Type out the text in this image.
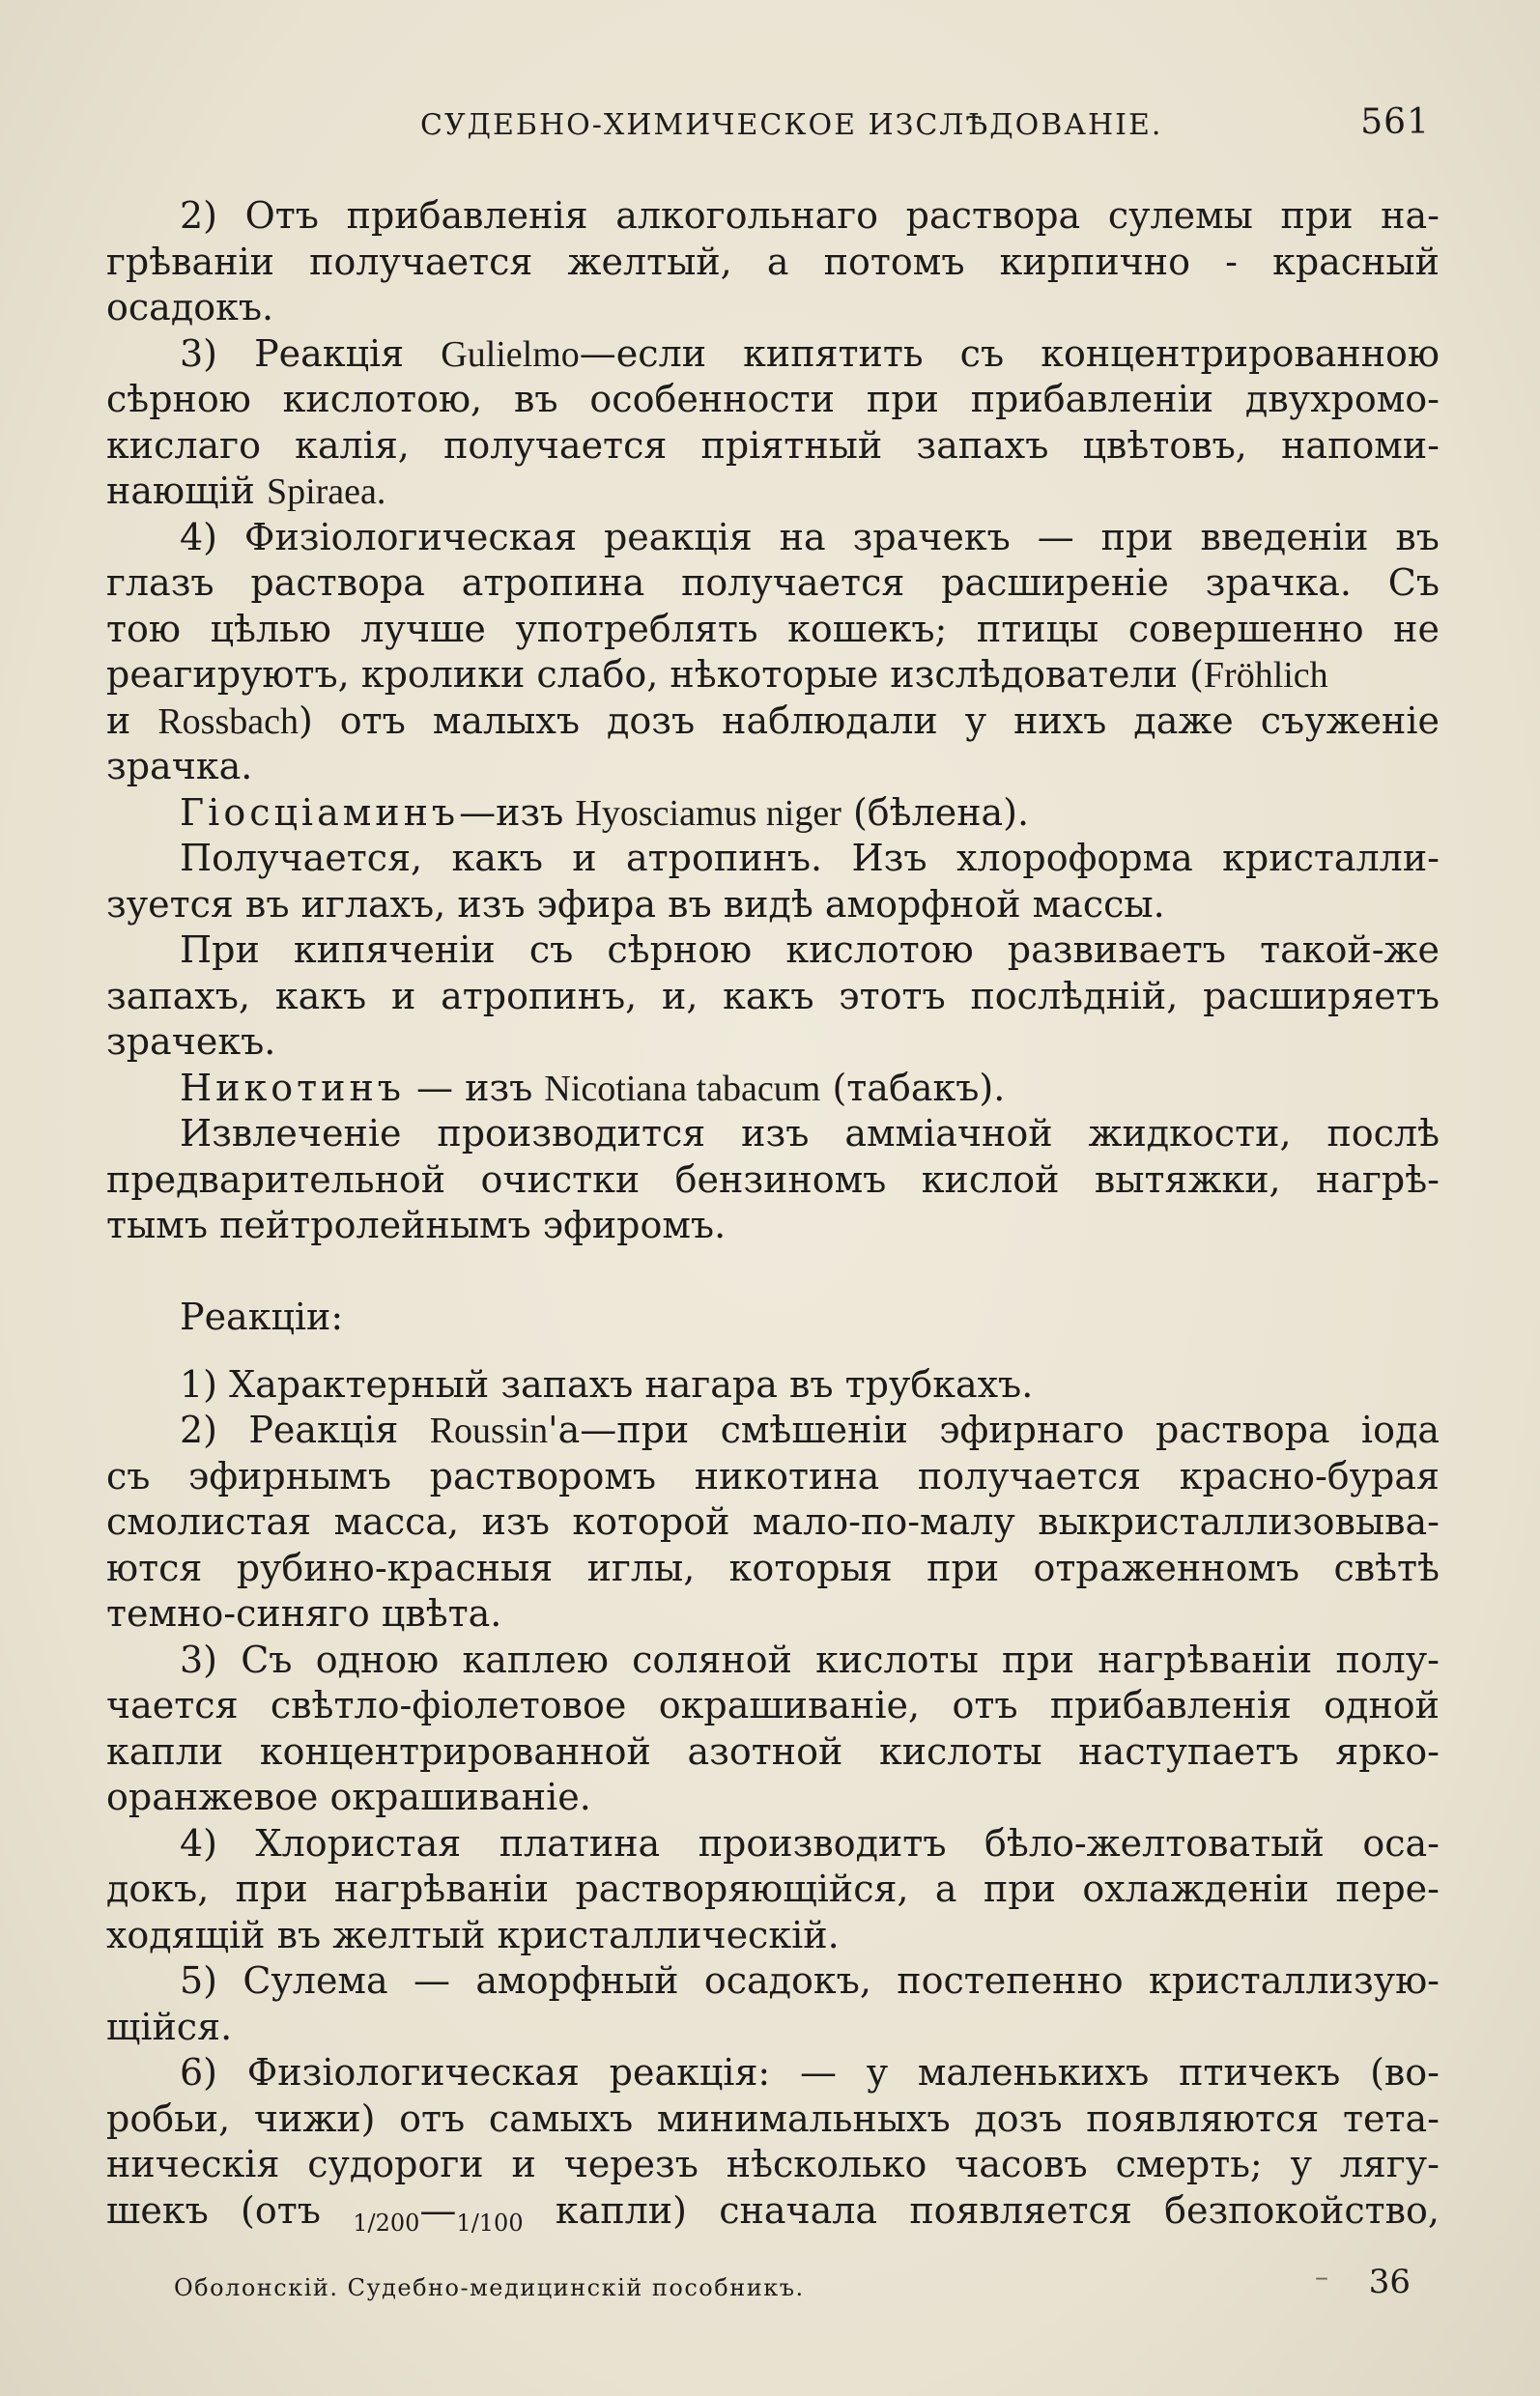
СУДЕБНО-ХИМИЧЕСКОЕ ИЗСЛѢДОВАНІЕ.	561
2) Отъ прибавленія алкогольнаго раствора сулемы при на-
грѣваніи получается желтый, а потомъ кирпично - красный
осадокъ.
3) Реакція Gulielmo—если кипятить съ концентрированною
сѣрною кислотою, въ особенности при прибавленіи двухромо-
кислаго калія, получается пріятный запахъ цвѣтовъ, напоми-
нающій Spiraea.
4) Физіологическая реакція на зрачекъ — при введеніи въ
глазъ раствора атропина получается расширеніе зрачка. Съ
тою цѣлью лучше употреблять кошекъ; птицы совершенно не
реагируютъ, кролики слабо, нѣкоторые изслѣдователи (Fröhlich
и Rossbach) отъ малыхъ дозъ наблюдали у нихъ даже съуженіе
зрачка.
Гіосціаминъ—изъ Hyosciamus niger (бѣлена).
Получается, какъ и атропинъ. Изъ хлороформа кристалли-
зуется въ иглахъ, изъ эфира въ видѣ аморфной массы.
При кипяченіи съ сѣрною кислотою развиваетъ такой-же
запахъ, какъ и атропинъ, и, какъ этотъ послѣдній, расширяетъ
зрачекъ.
Никотинъ — изъ Nicotiana tabacum (табакъ).
Извлеченіе производится изъ аммiачной жидкости, послѣ
предварительной очистки бензиномъ кислой вытяжки, нагрѣ-
тымъ пейтролейнымъ эфиромъ.
Реакціи:
1) Характерный запахъ нагара въ трубкахъ.
2) Реакція Roussin'а—при смѣшеніи эфирнаго раствора іода
съ эфирнымъ растворомъ никотина получается красно-бурая
смолистая масса, изъ которой мало-по-малу выкристаллизовыва-
ются рубино-красныя иглы, которыя при отраженномъ свѣтѣ
темно-синяго цвѣта.
3) Съ одною каплею соляной кислоты при нагрѣваніи полу-
чается свѣтло-фіолетовое окрашиваніе, отъ прибавленія одной
капли концентрированной азотной кислоты наступаетъ ярко-
оранжевое окрашиваніе.
4) Хлористая платина производитъ бѣло-желтоватый оса-
докъ, при нагрѣваніи растворяющійся, а при охлажденіи пере-
ходящій въ желтый кристаллическій.
5) Сулема — аморфный осадокъ, постепенно кристаллизую-
щійся.
6) Физіологическая реакція: — у маленькихъ птичекъ (во-
робьи, чижи) отъ самыхъ минимальныхъ дозъ появляются тета-
ническія судороги и черезъ нѣсколько часовъ смерть; у лягу-
шекъ (отъ $_{1/200}—_{1/100}$ капли) сначала появляется безпокойство,
Оболонскій. Судебно-медицинскій пособникъ.	– 36
